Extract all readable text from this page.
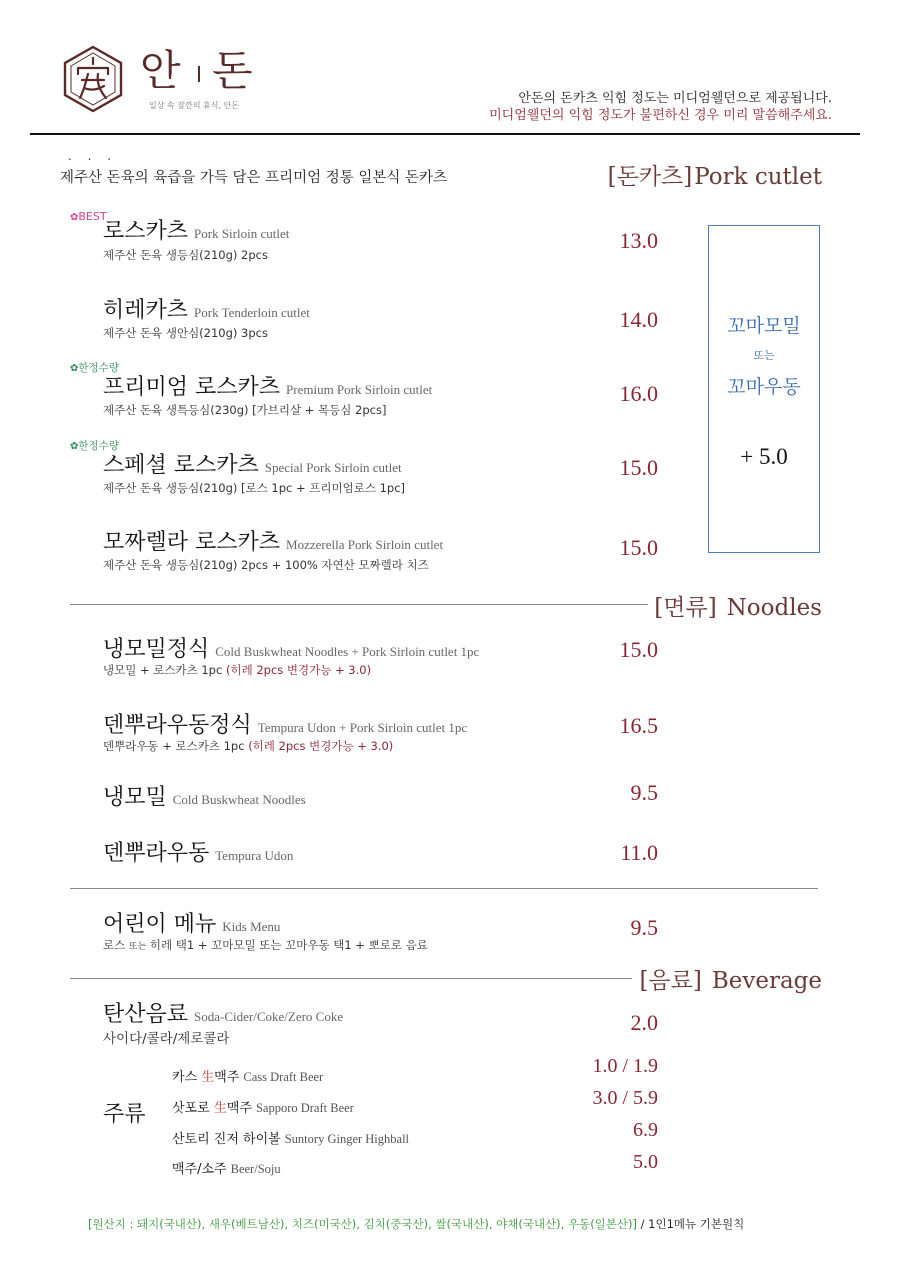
안 돈
일상 속 잠깐의 휴식, 안돈	안돈의 돈카츠 익힘 정도는 미디엄웰던으로 제공됩니다.
미디엄웰던의 익힘 정도가 불편하신 경우 미리 말씀해주세요.
. . .
제주산 돈육의 육즙을 가득 담은 프리미엄 정통 일본식 돈카츠	[돈카츠]Pork cutlet
✿BEST
로스카츠 Pork Sirloin cutlet
제주산 돈육 생등심(210g) 2pcs
13.0
히레카츠 Pork Tenderloin cutlet
제주산 돈육 생안심(210g) 3pcs
14.0
✿한정수량
프리미엄 로스카츠 Premium Pork Sirloin cutlet
제주산 돈육 생특등심(230g) [가브리살 + 목등심 2pcs]
16.0
✿한정수량
스페셜 로스카츠 Special Pork Sirloin cutlet
제주산 돈육 생등심(210g) [로스 1pc + 프리미엄로스 1pc]
15.0
모짜렐라 로스카츠 Mozzerella Pork Sirloin cutlet
제주산 돈육 생등심(210g) 2pcs + 100% 자연산 모짜렐라 치즈
15.0
꼬마모밀
또는
꼬마우동
+ 5.0
[면류] Noodles
냉모밀정식 Cold Buskwheat Noodles + Pork Sirloin cutlet 1pc
냉모밀 + 로스카츠 1pc (히레 2pcs 변경가능 + 3.0)
15.0
덴뿌라우동정식 Tempura Udon + Pork Sirloin cutlet 1pc
덴뿌라우동 + 로스카츠 1pc (히레 2pcs 변경가능 + 3.0)
16.5
냉모밀 Cold Buskwheat Noodles	9.5
덴뿌라우동 Tempura Udon	11.0
어린이 메뉴 Kids Menu
로스 또는 히레 택1 + 꼬마모밀 또는 꼬마우동 택1 + 뽀로로 음료
9.5
[음료] Beverage
탄산음료 Soda-Cider/Coke/Zero Coke
사이다/콜라/제로콜라
2.0
주류
카스 生맥주 Cass Draft Beer	1.0 / 1.9
삿포로 生맥주 Sapporo Draft Beer	3.0 / 5.9
산토리 진저 하이볼 Suntory Ginger Highball	6.9
맥주/소주 Beer/Soju	5.0
[원산지 : 돼지(국내산), 새우(베트남산), 치즈(미국산), 김치(중국산), 쌀(국내산), 야채(국내산), 우동(일본산)] / 1인1메뉴 기본원칙
